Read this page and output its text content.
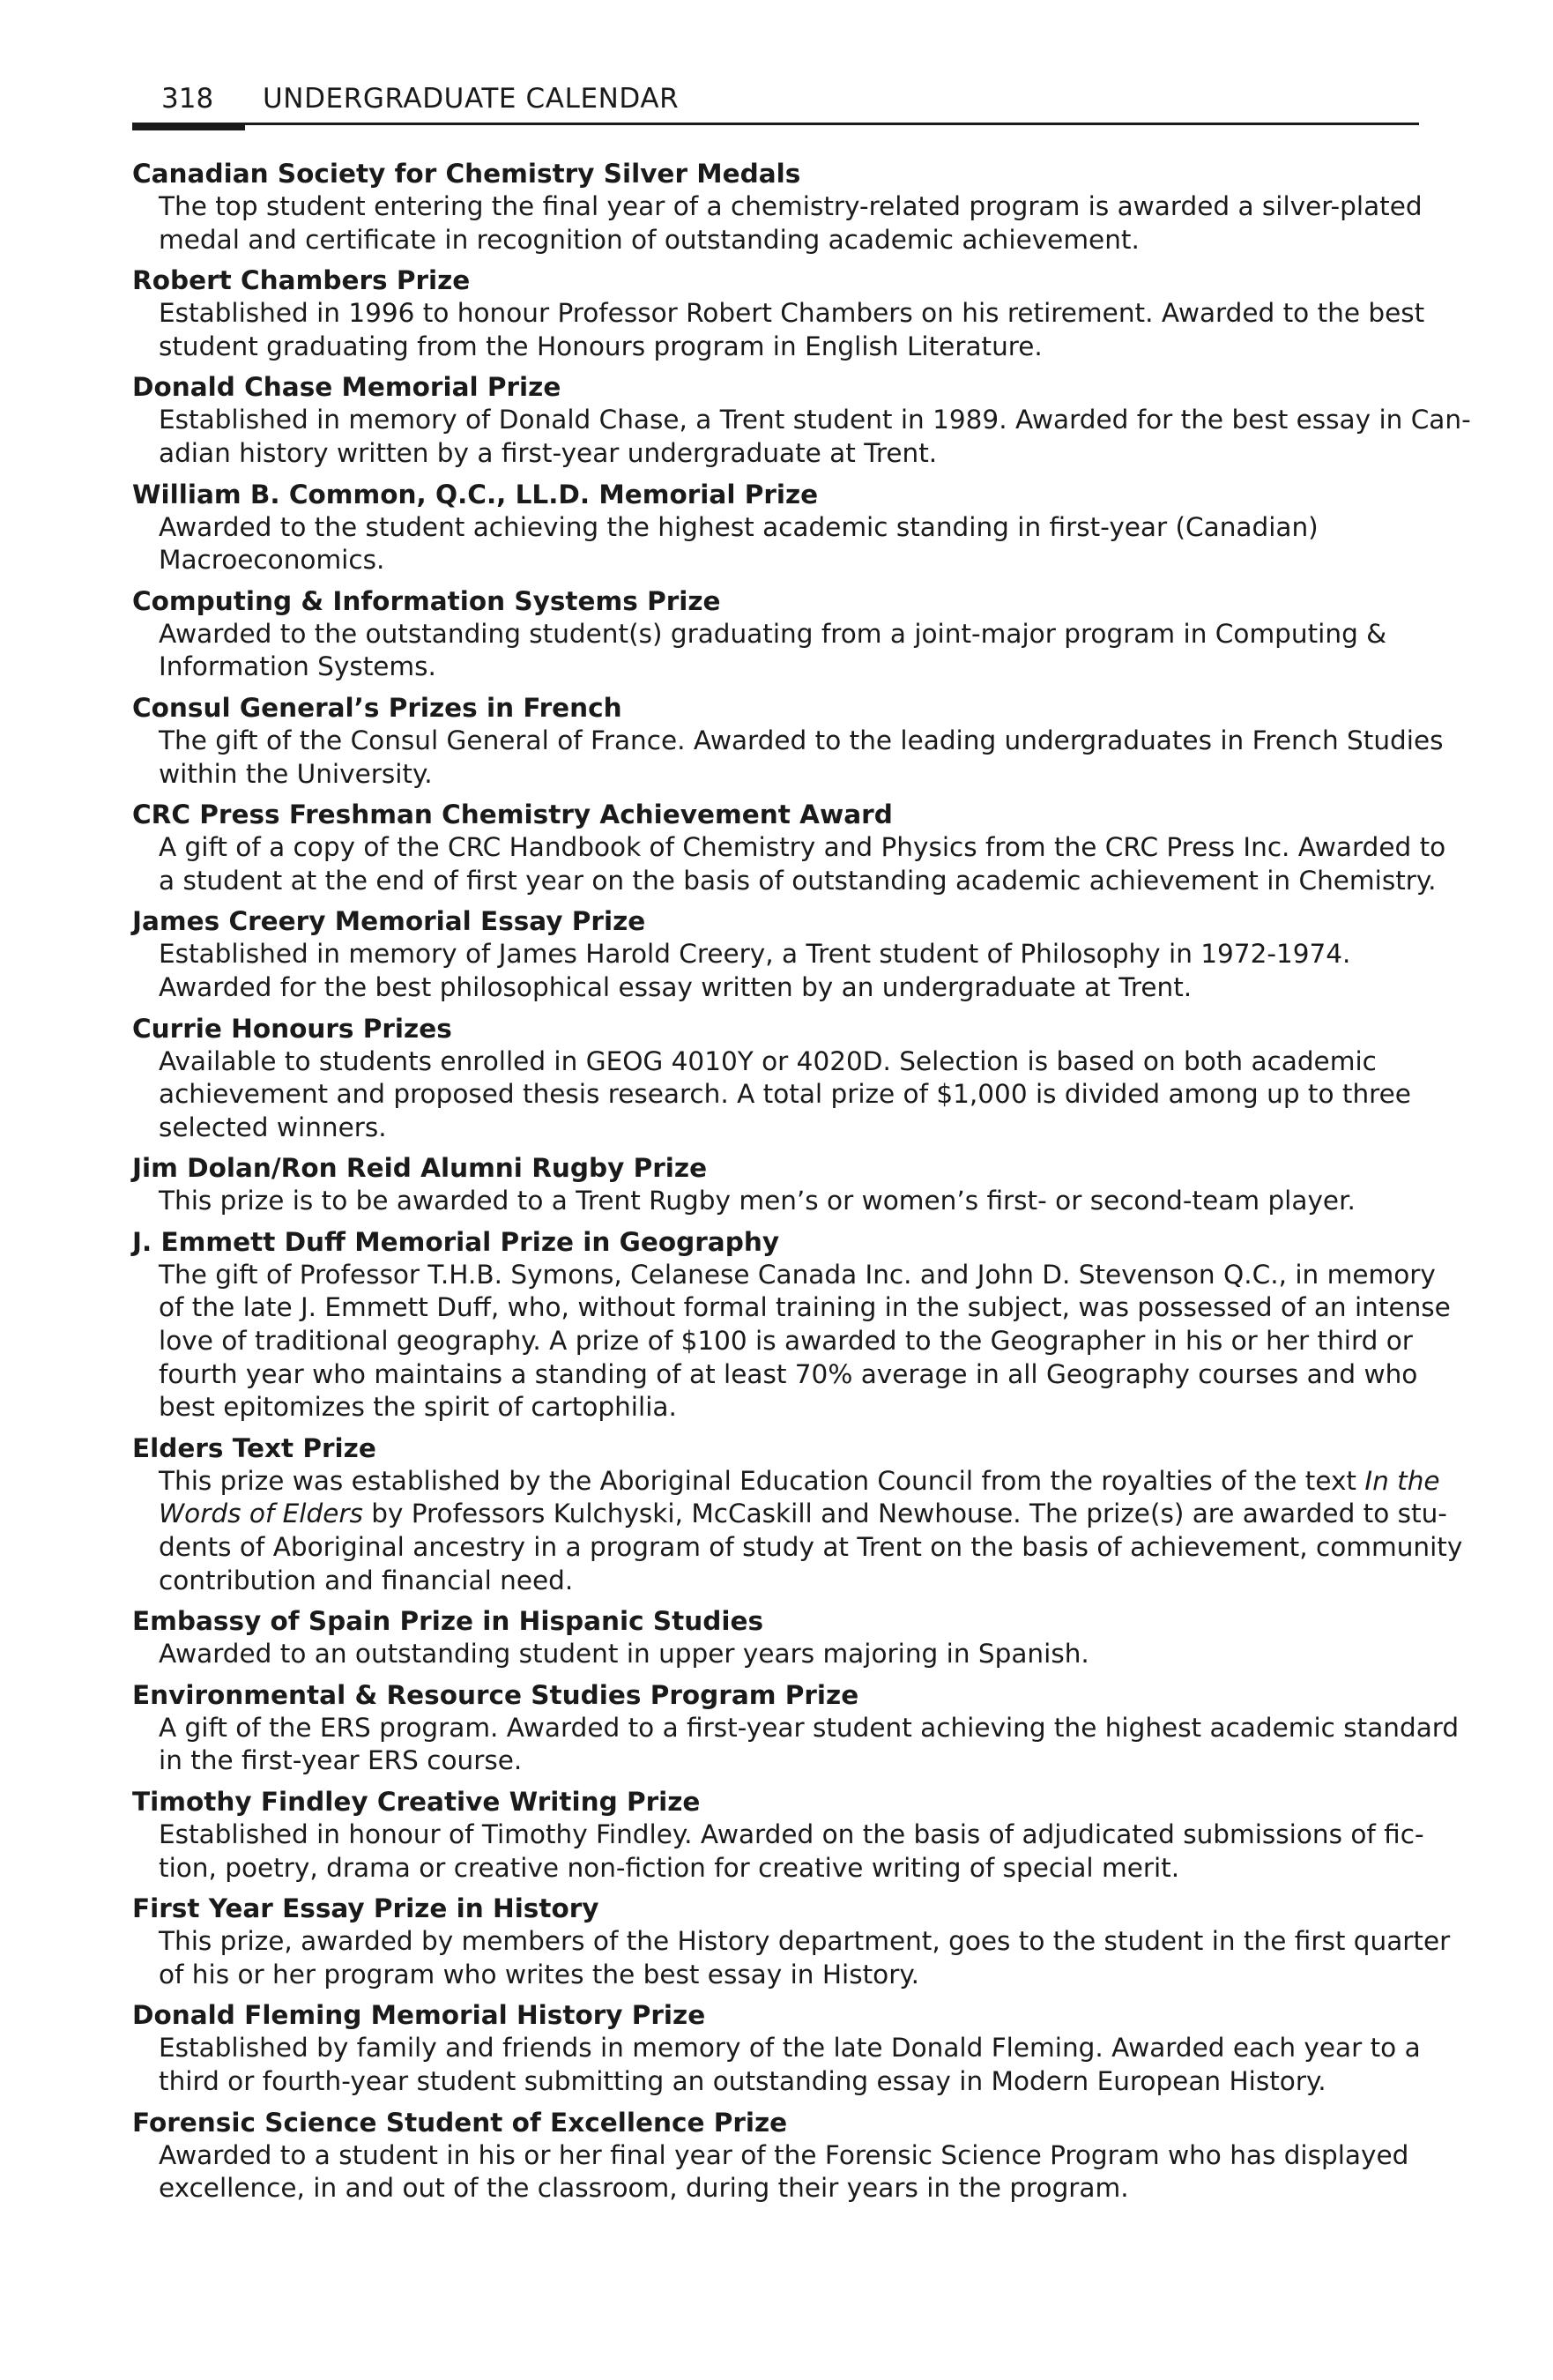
318 UNDERGRADUATE CALENDAR
Canadian Society for Chemistry Silver Medals
The top student entering the final year of a chemistry-related program is awarded a silver-plated
medal and certificate in recognition of outstanding academic achievement.
Robert Chambers Prize
Established in 1996 to honour Professor Robert Chambers on his retirement. Awarded to the best
student graduating from the Honours program in English Literature.
Donald Chase Memorial Prize
Established in memory of Donald Chase, a Trent student in 1989. Awarded for the best essay in Can-
adian history written by a first-year undergraduate at Trent.
William B. Common, Q.C., LL.D. Memorial Prize
Awarded to the student achieving the highest academic standing in first-year (Canadian)
Macroeconomics.
Computing & Information Systems Prize
Awarded to the outstanding student(s) graduating from a joint-major program in Computing &
Information Systems.
Consul General’s Prizes in French
The gift of the Consul General of France. Awarded to the leading undergraduates in French Studies
within the University.
CRC Press Freshman Chemistry Achievement Award
A gift of a copy of the CRC Handbook of Chemistry and Physics from the CRC Press Inc. Awarded to
a student at the end of first year on the basis of outstanding academic achievement in Chemistry.
James Creery Memorial Essay Prize
Established in memory of James Harold Creery, a Trent student of Philosophy in 1972-1974.
Awarded for the best philosophical essay written by an undergraduate at Trent.
Currie Honours Prizes
Available to students enrolled in GEOG 4010Y or 4020D. Selection is based on both academic
achievement and proposed thesis research. A total prize of $1,000 is divided among up to three
selected winners.
Jim Dolan/Ron Reid Alumni Rugby Prize
This prize is to be awarded to a Trent Rugby men’s or women’s first- or second-team player.
J. Emmett Duff Memorial Prize in Geography
The gift of Professor T.H.B. Symons, Celanese Canada Inc. and John D. Stevenson Q.C., in memory
of the late J. Emmett Duff, who, without formal training in the subject, was possessed of an intense
love of traditional geography. A prize of $100 is awarded to the Geographer in his or her third or
fourth year who maintains a standing of at least 70% average in all Geography courses and who
best epitomizes the spirit of cartophilia.
Elders Text Prize
This prize was established by the Aboriginal Education Council from the royalties of the text In the
Words of Elders by Professors Kulchyski, McCaskill and Newhouse. The prize(s) are awarded to stu-
dents of Aboriginal ancestry in a program of study at Trent on the basis of achievement, community
contribution and financial need.
Embassy of Spain Prize in Hispanic Studies
Awarded to an outstanding student in upper years majoring in Spanish.
Environmental & Resource Studies Program Prize
A gift of the ERS program. Awarded to a first-year student achieving the highest academic standard
in the first-year ERS course.
Timothy Findley Creative Writing Prize
Established in honour of Timothy Findley. Awarded on the basis of adjudicated submissions of fic-
tion, poetry, drama or creative non-fiction for creative writing of special merit.
First Year Essay Prize in History
This prize, awarded by members of the History department, goes to the student in the first quarter
of his or her program who writes the best essay in History.
Donald Fleming Memorial History Prize
Established by family and friends in memory of the late Donald Fleming. Awarded each year to a
third or fourth-year student submitting an outstanding essay in Modern European History.
Forensic Science Student of Excellence Prize
Awarded to a student in his or her final year of the Forensic Science Program who has displayed
excellence, in and out of the classroom, during their years in the program.
